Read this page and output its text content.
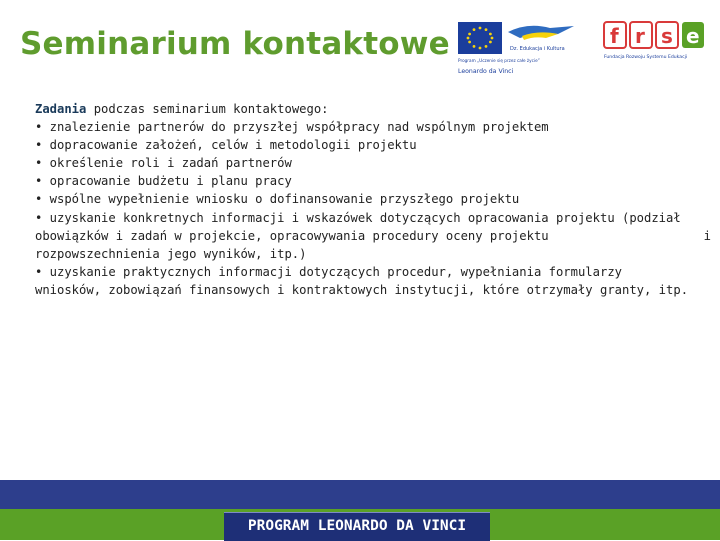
Seminarium kontaktowe	Dz. Edukacja i Kultura
Program „Uczenie się przez całe życie”
Leonardo da Vinci
f r s e
Fundacja Rozwoju Systemu Edukacji

Zadania podczas seminarium kontaktowego:

• znalezienie partnerów do przyszłej współpracy nad wspólnym projektem

• dopracowanie założeń, celów i metodologii projektu

• określenie roli i zadań partnerów

• opracowanie budżetu i planu pracy

• wspólne wypełnienie wniosku o dofinansowanie przyszłego projektu

• uzyskanie konkretnych informacji i wskazówek dotyczących opracowania projektu (podział

obowiązków i zadań w projekcie, opracowywania procedury oceny projektu	i

rozpowszechnienia jego wyników, itp.)

• uzyskanie praktycznych informacji dotyczących procedur, wypełniania formularzy

wniosków, zobowiązań finansowych i kontraktowych instytucji, które otrzymały granty, itp.

PROGRAM LEONARDO DA VINCI
